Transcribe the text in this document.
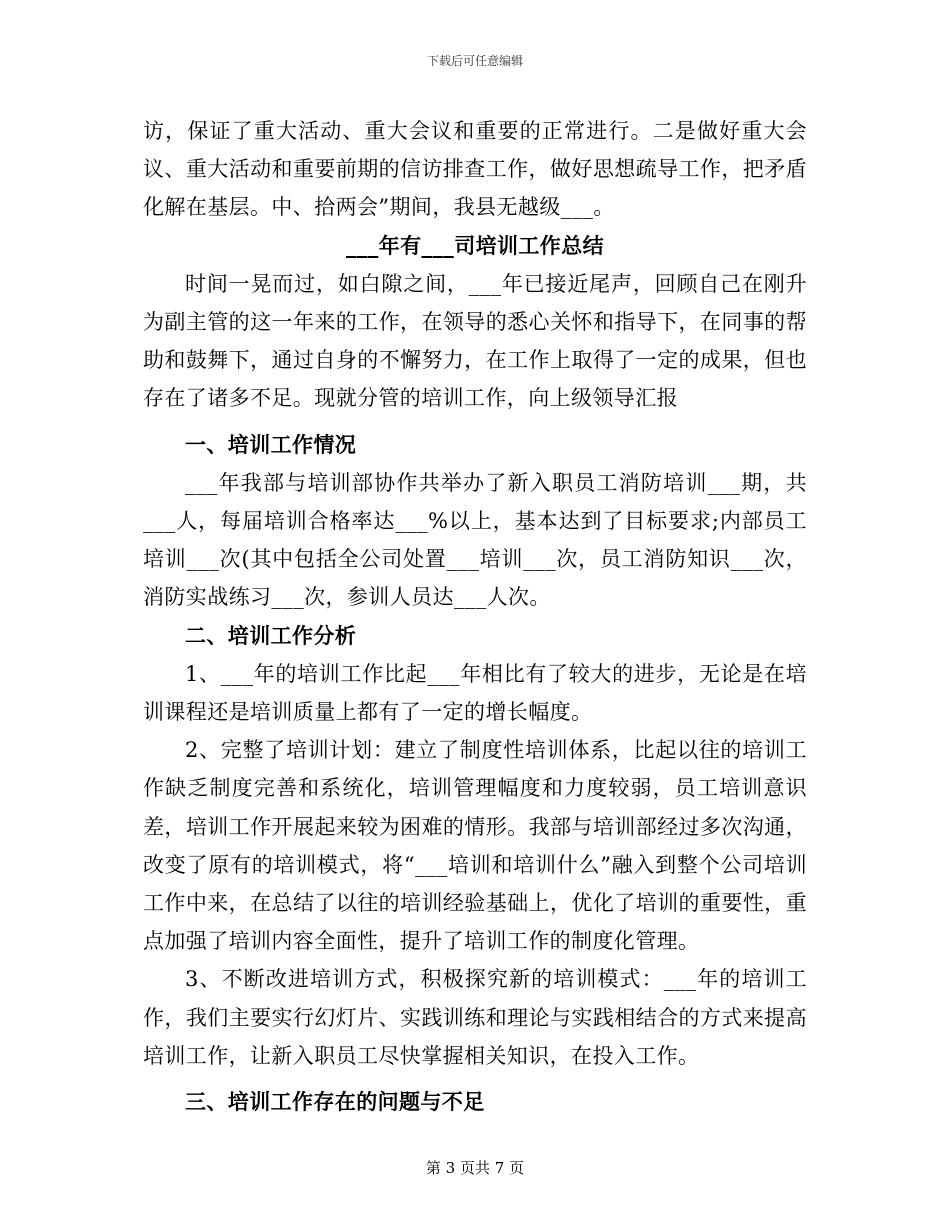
下载后可任意编辑

访，保证了重大活动、重大会议和重要的正常进行。二是做好重大会议、重大活动和重要前期的信访排查工作，做好思想疏导工作，把矛盾化解在基层。中、拾两会”期间，我县无越级___。

___年有___司培训工作总结

时间一晃而过，如白隙之间，___年已接近尾声，回顾自己在刚升为副主管的这一年来的工作，在领导的悉心关怀和指导下，在同事的帮助和鼓舞下，通过自身的不懈努力，在工作上取得了一定的成果，但也存在了诸多不足。现就分管的培训工作，向上级领导汇报

一、培训工作情况

___年我部与培训部协作共举办了新入职员工消防培训___期，共___人，每届培训合格率达___%以上，基本达到了目标要求;内部员工培训___次(其中包括全公司处置___培训___次，员工消防知识___次，消防实战练习___次，参训人员达___人次。

二、培训工作分析

1、___年的培训工作比起___年相比有了较大的进步，无论是在培训课程还是培训质量上都有了一定的增长幅度。

2、完整了培训计划：建立了制度性培训体系，比起以往的培训工作缺乏制度完善和系统化，培训管理幅度和力度较弱，员工培训意识差，培训工作开展起来较为困难的情形。我部与培训部经过多次沟通，改变了原有的培训模式，将“___培训和培训什么”融入到整个公司培训工作中来，在总结了以往的培训经验基础上，优化了培训的重要性，重点加强了培训内容全面性，提升了培训工作的制度化管理。

3、不断改进培训方式，积极探究新的培训模式：___年的培训工作，我们主要实行幻灯片、实践训练和理论与实践相结合的方式来提高培训工作，让新入职员工尽快掌握相关知识，在投入工作。

三、培训工作存在的问题与不足

第 3 页共 7 页
